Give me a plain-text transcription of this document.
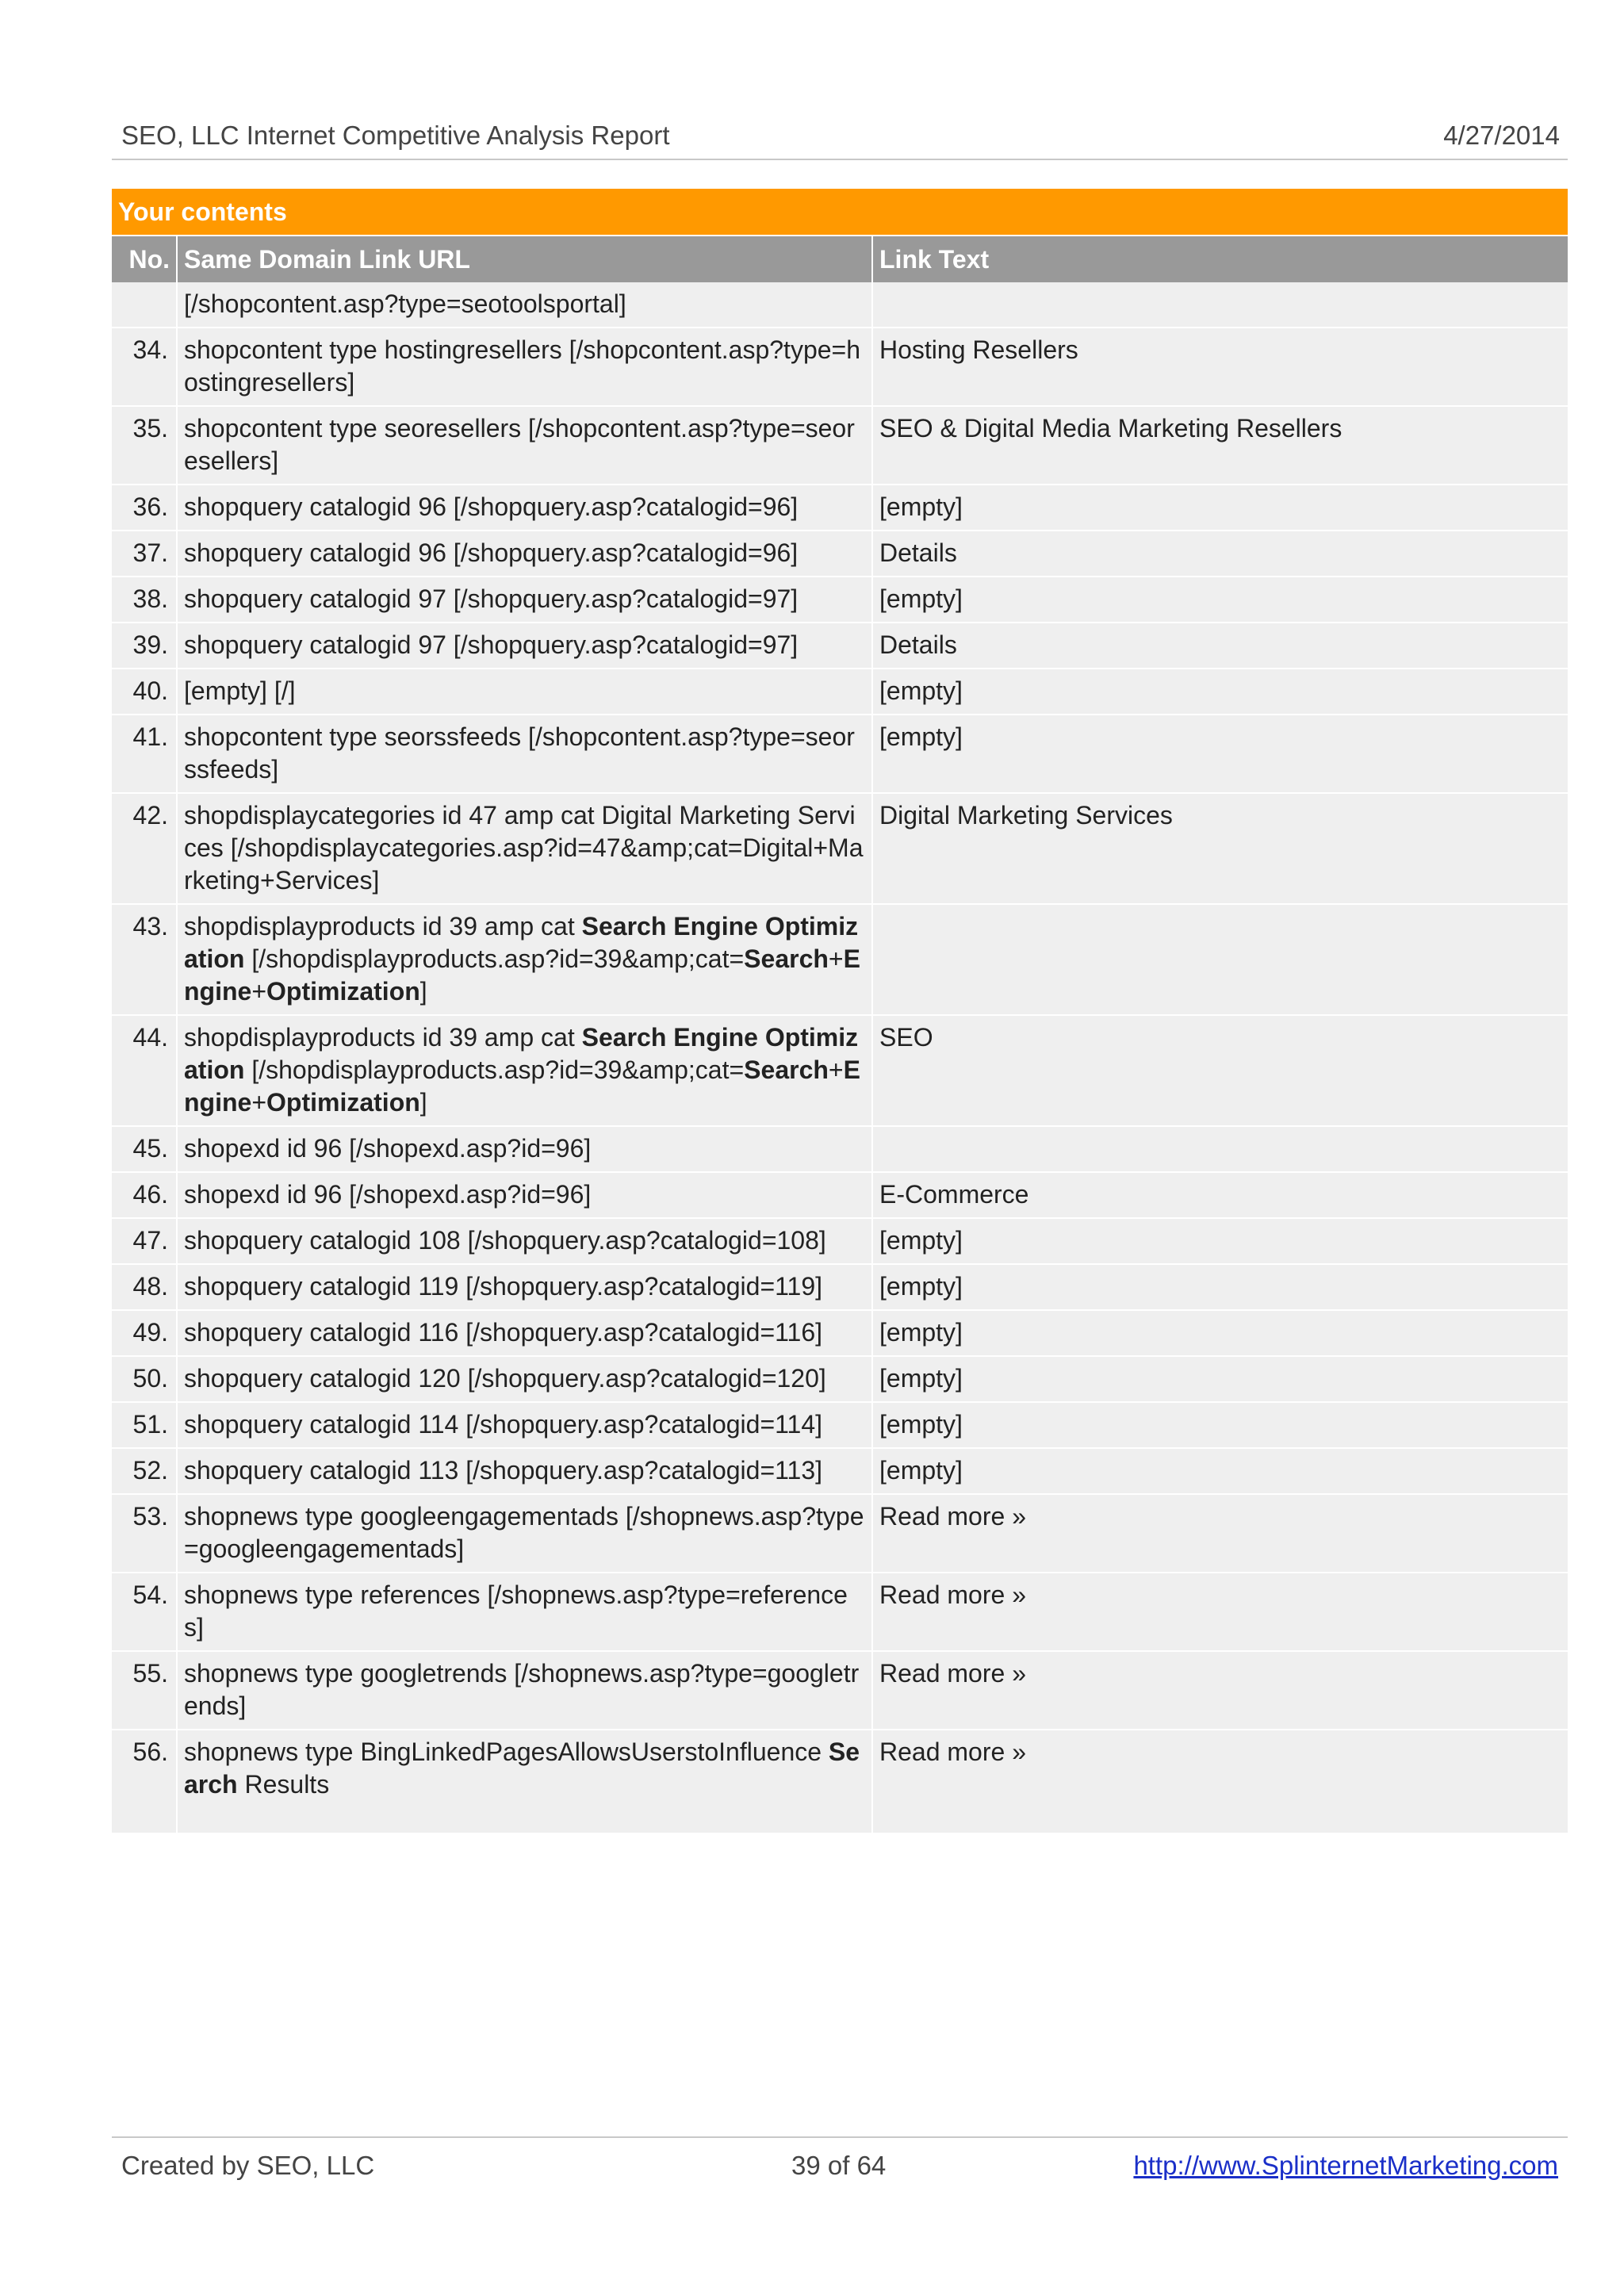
SEO, LLC Internet Competitive Analysis Report	4/27/2014
Your contents		
No.	Same Domain Link URL	Link Text
	[/shopcontent.asp?type=seotoolsportal]	
34.	shopcontent type hostingresellers [/shopcontent.asp?type=hostingresellers]	Hosting Resellers
35.	shopcontent type seoresellers [/shopcontent.asp?type=seoresellers]	SEO & Digital Media Marketing Resellers
36.	shopquery catalogid 96 [/shopquery.asp?catalogid=96]	[empty]
37.	shopquery catalogid 96 [/shopquery.asp?catalogid=96]	Details
38.	shopquery catalogid 97 [/shopquery.asp?catalogid=97]	[empty]
39.	shopquery catalogid 97 [/shopquery.asp?catalogid=97]	Details
40.	[empty] [/]	[empty]
41.	shopcontent type seorssfeeds [/shopcontent.asp?type=seorssfeeds]	[empty]
42.	shopdisplaycategories id 47 amp cat Digital Marketing Services [/shopdisplaycategories.asp?id=47&amp;cat=Digital+Marketing+Services]	Digital Marketing Services
43.	shopdisplayproducts id 39 amp cat Search Engine Optimization [/shopdisplayproducts.asp?id=39&amp;cat=Search+Engine+Optimization]	
44.	shopdisplayproducts id 39 amp cat Search Engine Optimization [/shopdisplayproducts.asp?id=39&amp;cat=Search+Engine+Optimization]	SEO
45.	shopexd id 96 [/shopexd.asp?id=96]	
46.	shopexd id 96 [/shopexd.asp?id=96]	E-Commerce
47.	shopquery catalogid 108 [/shopquery.asp?catalogid=108]	[empty]
48.	shopquery catalogid 119 [/shopquery.asp?catalogid=119]	[empty]
49.	shopquery catalogid 116 [/shopquery.asp?catalogid=116]	[empty]
50.	shopquery catalogid 120 [/shopquery.asp?catalogid=120]	[empty]
51.	shopquery catalogid 114 [/shopquery.asp?catalogid=114]	[empty]
52.	shopquery catalogid 113 [/shopquery.asp?catalogid=113]	[empty]
53.	shopnews type googleengagementads [/shopnews.asp?type=googleengagementads]	Read more »
54.	shopnews type references [/shopnews.asp?type=references]	Read more »
55.	shopnews type googletrends [/shopnews.asp?type=googletrends]	Read more »
56.	shopnews type BingLinkedPagesAllowsUserstoInfluence Search Results	Read more »
Created by SEO, LLC	39 of 64	http://www.SplinternetMarketing.com
